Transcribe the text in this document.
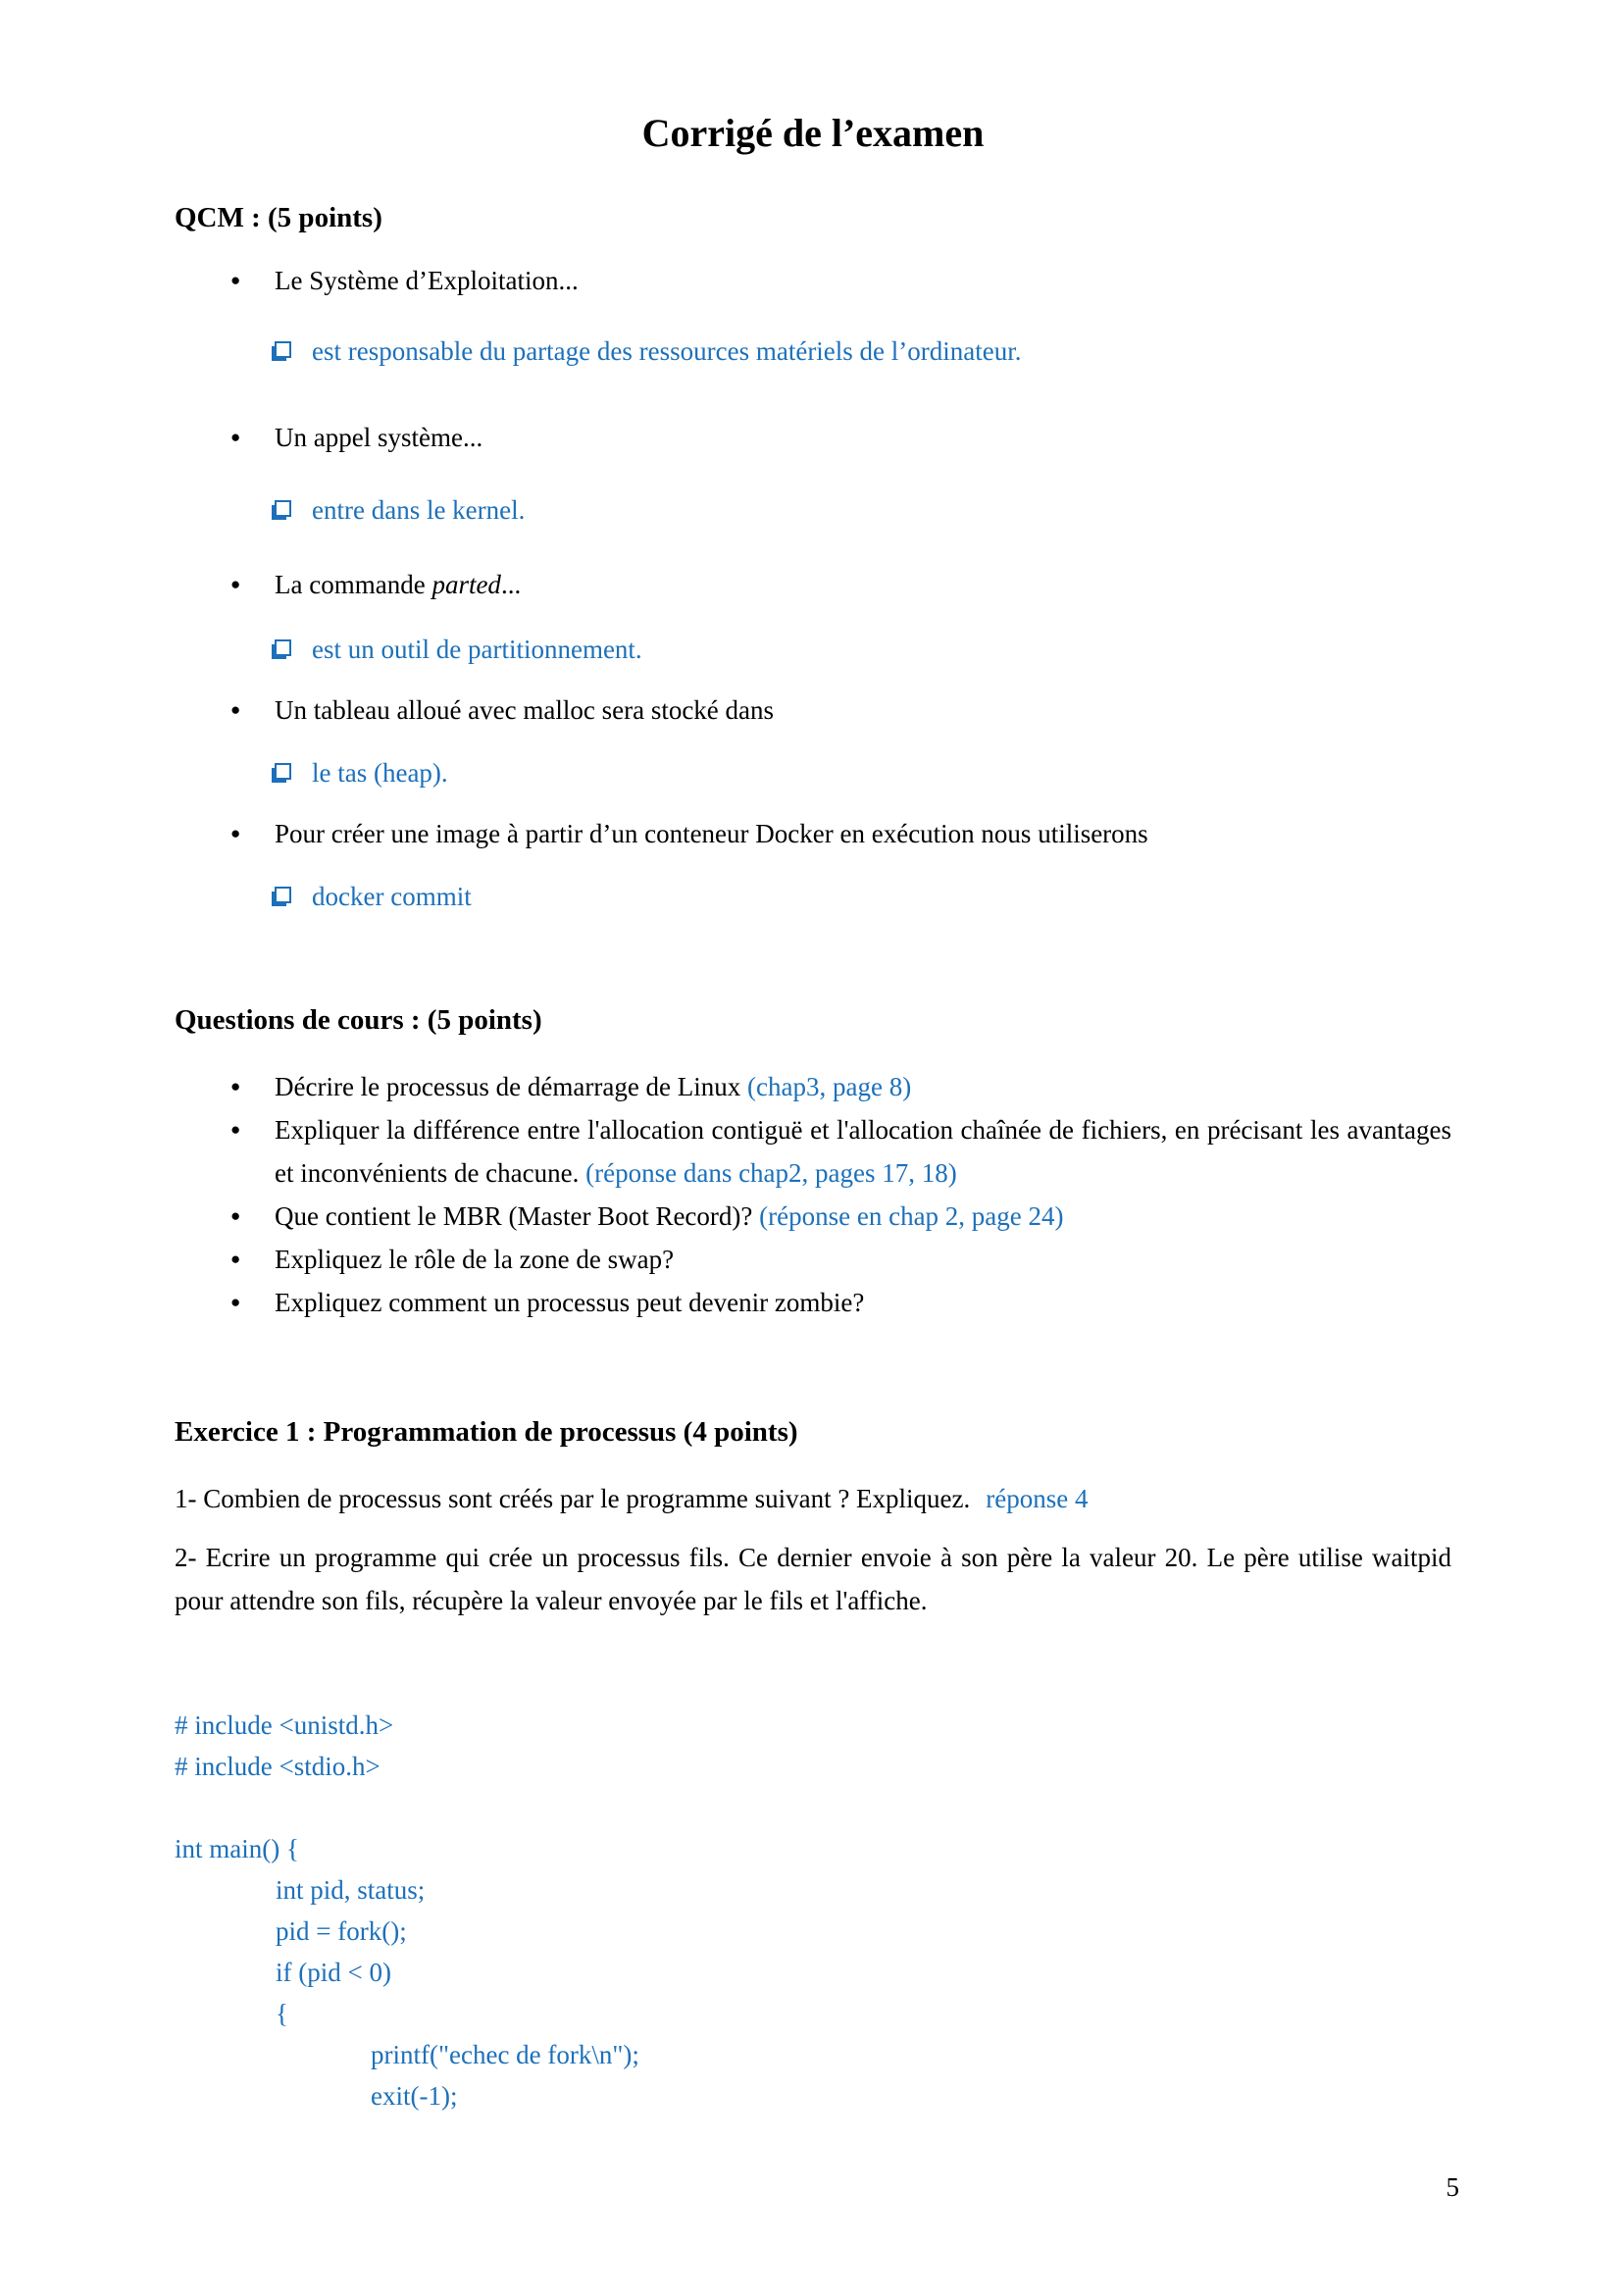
Corrigé de l’examen
QCM : (5 points)
● Le Système d’Exploitation...
est responsable du partage des ressources matériels de l’ordinateur.
● Un appel système...
entre dans le kernel.
● La commande parted...
est un outil de partitionnement.
● Un tableau alloué avec malloc sera stocké dans
le tas (heap).
● Pour créer une image à partir d’un conteneur Docker en exécution nous utiliserons
docker commit
Questions de cours : (5 points)
● Décrire le processus de démarrage de Linux (chap3, page 8)
● Expliquer la différence entre l'allocation contiguë et l'allocation chaînée de fichiers, en précisant les avantages et inconvénients de chacune. (réponse dans chap2, pages 17, 18)
● Que contient le MBR (Master Boot Record)? (réponse en chap 2, page 24)
● Expliquez le rôle de la zone de swap?
● Expliquez comment un processus peut devenir zombie?
Exercice 1 : Programmation de processus (4 points)
1- Combien de processus sont créés par le programme suivant ? Expliquez. réponse 4
2- Ecrire un programme qui crée un processus fils. Ce dernier envoie à son père la valeur 20. Le père utilise waitpid pour attendre son fils, récupère la valeur envoyée par le fils et l'affiche.
# include <unistd.h>
# include <stdio.h>
int main() {
int pid, status;
pid = fork();
if (pid < 0)
{
printf("echec de fork\n");
exit(-1);
5
